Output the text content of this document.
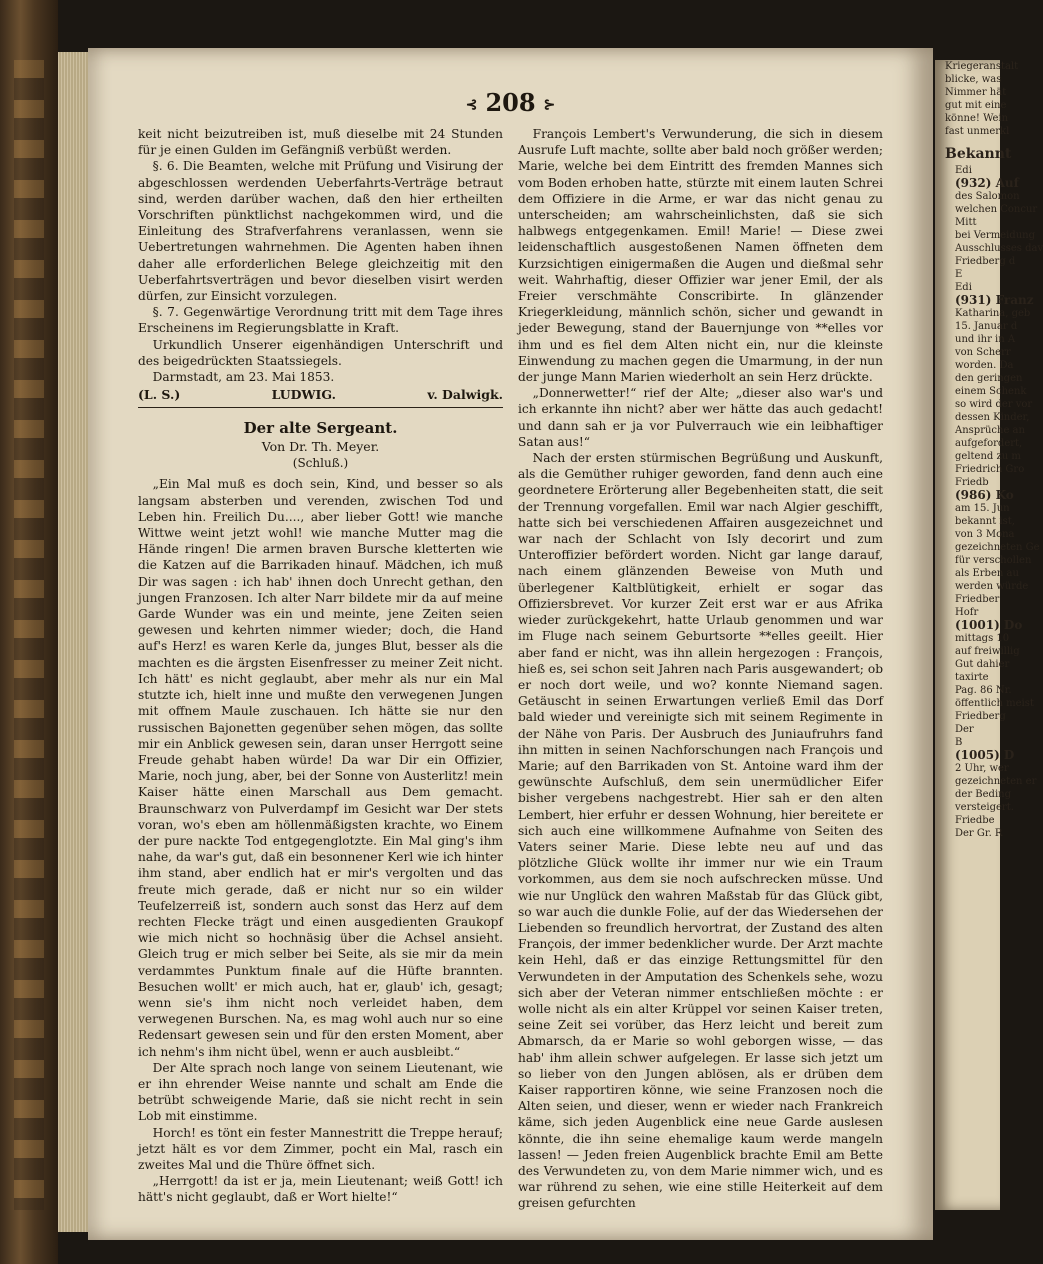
Kriegeranstalt
blicke, was
Nimmer hät
gut mit eine
könne! Wein
fast unmerkl
Bekannt
Edi
(932) Auf
des Salomon
welchen Concur
Mitt
bei Vermeidung
Ausschlusses dav
Friedberg d
E
Edi
(931) Franz
Katharina, geb
15. Januar d
und ihr in A
von Scherr
worden. Da
den geringen
einem Schenk
so wird der vor
dessen Kinder,
Ansprüche an
aufgefordert,
geltend zu m
Friedrich Gro
Friedb
(986) Ko
am 15. Jun
bekannt ist,
von 3 Mona
gezeichneten Ge
für verschollen
als Erben au
werden würde
Friedber
Hofr
(1001) Do
mittags 10
auf freiwillig
Gut dahier
taxirte
Pag. 86 Nr.
öffentlich meist
Friedberg
Der
B
(1005) D
2 Uhr, wer
gezeichneten er
der Beding
versteigert.
Friedbe
Der Gr. R
⊰ 208 ⊱

keit nicht beizutreiben ist, muß dieselbe mit 24 Stunden für je einen Gulden im Gefängniß verbüßt werden.

§. 6. Die Beamten, welche mit Prüfung und Visirung der abgeschlossen werdenden Ueberfahrts-Verträge betraut sind, werden darüber wachen, daß den hier ertheilten Vorschriften pünktlichst nachgekommen wird, und die Einleitung des Strafverfahrens veranlassen, wenn sie Uebertretungen wahrnehmen. Die Agenten haben ihnen daher alle erforderlichen Belege gleichzeitig mit den Ueberfahrtsverträgen und bevor dieselben visirt werden dürfen, zur Einsicht vorzulegen.

§. 7. Gegenwärtige Verordnung tritt mit dem Tage ihres Erscheinens im Regierungsblatte in Kraft.

Urkundlich Unserer eigenhändigen Unterschrift und des beigedrückten Staatssiegels.

Darmstadt, am 23. Mai 1853.

(L. S.)	LUDWIG.	v. Dalwigk.
Der alte Sergeant.
Von Dr. Th. Meyer.
(Schluß.)

„Ein Mal muß es doch sein, Kind, und besser so als langsam absterben und verenden, zwischen Tod und Leben hin. Freilich Du...., aber lieber Gott! wie manche Wittwe weint jetzt wohl! wie manche Mutter mag die Hände ringen! Die armen braven Bursche kletterten wie die Katzen auf die Barrikaden hinauf. Mädchen, ich muß Dir was sagen : ich hab' ihnen doch Unrecht gethan, den jungen Franzosen. Ich alter Narr bildete mir da auf meine Garde Wunder was ein und meinte, jene Zeiten seien gewesen und kehrten nimmer wieder; doch, die Hand auf's Herz! es waren Kerle da, junges Blut, besser als die machten es die ärgsten Eisenfresser zu meiner Zeit nicht. Ich hätt' es nicht geglaubt, aber mehr als nur ein Mal stutzte ich, hielt inne und mußte den verwegenen Jungen mit offnem Maule zuschauen. Ich hätte sie nur den russischen Bajonetten gegenüber sehen mögen, das sollte mir ein Anblick gewesen sein, daran unser Herrgott seine Freude gehabt haben würde! Da war Dir ein Offizier, Marie, noch jung, aber, bei der Sonne von Austerlitz! mein Kaiser hätte einen Marschall aus Dem gemacht. Braunschwarz von Pulverdampf im Gesicht war Der stets voran, wo's eben am höllenmäßigsten krachte, wo Einem der pure nackte Tod entgegenglotzte. Ein Mal ging's ihm nahe, da war's gut, daß ein besonnener Kerl wie ich hinter ihm stand, aber endlich hat er mir's vergolten und das freute mich gerade, daß er nicht nur so ein wilder Teufelzerreiß ist, sondern auch sonst das Herz auf dem rechten Flecke trägt und einen ausgedienten Graukopf wie mich nicht so hochnäsig über die Achsel ansieht. Gleich trug er mich selber bei Seite, als sie mir da mein verdammtes Punktum finale auf die Hüfte brannten. Besuchen wollt' er mich auch, hat er, glaub' ich, gesagt; wenn sie's ihm nicht noch verleidet haben, dem verwegenen Burschen. Na, es mag wohl auch nur so eine Redensart gewesen sein und für den ersten Moment, aber ich nehm's ihm nicht übel, wenn er auch ausbleibt.“

Der Alte sprach noch lange von seinem Lieutenant, wie er ihn ehrender Weise nannte und schalt am Ende die betrübt schweigende Marie, daß sie nicht recht in sein Lob mit einstimme.

Horch! es tönt ein fester Mannestritt die Treppe herauf; jetzt hält es vor dem Zimmer, pocht ein Mal, rasch ein zweites Mal und die Thüre öffnet sich.

„Herrgott! da ist er ja, mein Lieutenant; weiß Gott! ich hätt's nicht geglaubt, daß er Wort hielte!“

François Lembert's Verwunderung, die sich in diesem Ausrufe Luft machte, sollte aber bald noch größer werden; Marie, welche bei dem Eintritt des fremden Mannes sich vom Boden erhoben hatte, stürzte mit einem lauten Schrei dem Offiziere in die Arme, er war das nicht genau zu unterscheiden; am wahrscheinlichsten, daß sie sich halbwegs entgegenkamen. Emil! Marie! — Diese zwei leidenschaftlich ausgestoßenen Namen öffneten dem Kurzsichtigen einigermaßen die Augen und dießmal sehr weit. Wahrhaftig, dieser Offizier war jener Emil, der als Freier verschmähte Conscribirte. In glänzender Kriegerkleidung, männlich schön, sicher und gewandt in jeder Bewegung, stand der Bauernjunge von **elles vor ihm und es fiel dem Alten nicht ein, nur die kleinste Einwendung zu machen gegen die Umarmung, in der nun der junge Mann Marien wiederholt an sein Herz drückte.

„Donnerwetter!“ rief der Alte; „dieser also war's und ich erkannte ihn nicht? aber wer hätte das auch gedacht! und dann sah er ja vor Pulverrauch wie ein leibhaftiger Satan aus!“

Nach der ersten stürmischen Begrüßung und Auskunft, als die Gemüther ruhiger geworden, fand denn auch eine geordnetere Erörterung aller Begebenheiten statt, die seit der Trennung vorgefallen. Emil war nach Algier geschifft, hatte sich bei verschiedenen Affairen ausgezeichnet und war nach der Schlacht von Isly decorirt und zum Unteroffizier befördert worden. Nicht gar lange darauf, nach einem glänzenden Beweise von Muth und überlegener Kaltblütigkeit, erhielt er sogar das Offiziersbrevet. Vor kurzer Zeit erst war er aus Afrika wieder zurückgekehrt, hatte Urlaub genommen und war im Fluge nach seinem Geburtsorte **elles geeilt. Hier aber fand er nicht, was ihn allein hergezogen : François, hieß es, sei schon seit Jahren nach Paris ausgewandert; ob er noch dort weile, und wo? konnte Niemand sagen. Getäuscht in seinen Erwartungen verließ Emil das Dorf bald wieder und vereinigte sich mit seinem Regimente in der Nähe von Paris. Der Ausbruch des Juniaufruhrs fand ihn mitten in seinen Nachforschungen nach François und Marie; auf den Barrikaden von St. Antoine ward ihm der gewünschte Aufschluß, dem sein unermüdlicher Eifer bisher vergebens nachgestrebt. Hier sah er den alten Lembert, hier erfuhr er dessen Wohnung, hier bereitete er sich auch eine willkommene Aufnahme von Seiten des Vaters seiner Marie. Diese lebte neu auf und das plötzliche Glück wollte ihr immer nur wie ein Traum vorkommen, aus dem sie noch aufschrecken müsse. Und wie nur Unglück den wahren Maßstab für das Glück gibt, so war auch die dunkle Folie, auf der das Wiedersehen der Liebenden so freundlich hervortrat, der Zustand des alten François, der immer bedenklicher wurde. Der Arzt machte kein Hehl, daß er das einzige Rettungsmittel für den Verwundeten in der Amputation des Schenkels sehe, wozu sich aber der Veteran nimmer entschließen möchte : er wolle nicht als ein alter Krüppel vor seinen Kaiser treten, seine Zeit sei vorüber, das Herz leicht und bereit zum Abmarsch, da er Marie so wohl geborgen wisse, — das hab' ihm allein schwer aufgelegen. Er lasse sich jetzt um so lieber von den Jungen ablösen, als er drüben dem Kaiser rapportiren könne, wie seine Franzosen noch die Alten seien, und dieser, wenn er wieder nach Frankreich käme, sich jeden Augenblick eine neue Garde auslesen könnte, die ihn seine ehemalige kaum werde mangeln lassen! — Jeden freien Augenblick brachte Emil am Bette des Verwundeten zu, von dem Marie nimmer wich, und es war rührend zu sehen, wie eine stille Heiterkeit auf dem greisen gefurchten
